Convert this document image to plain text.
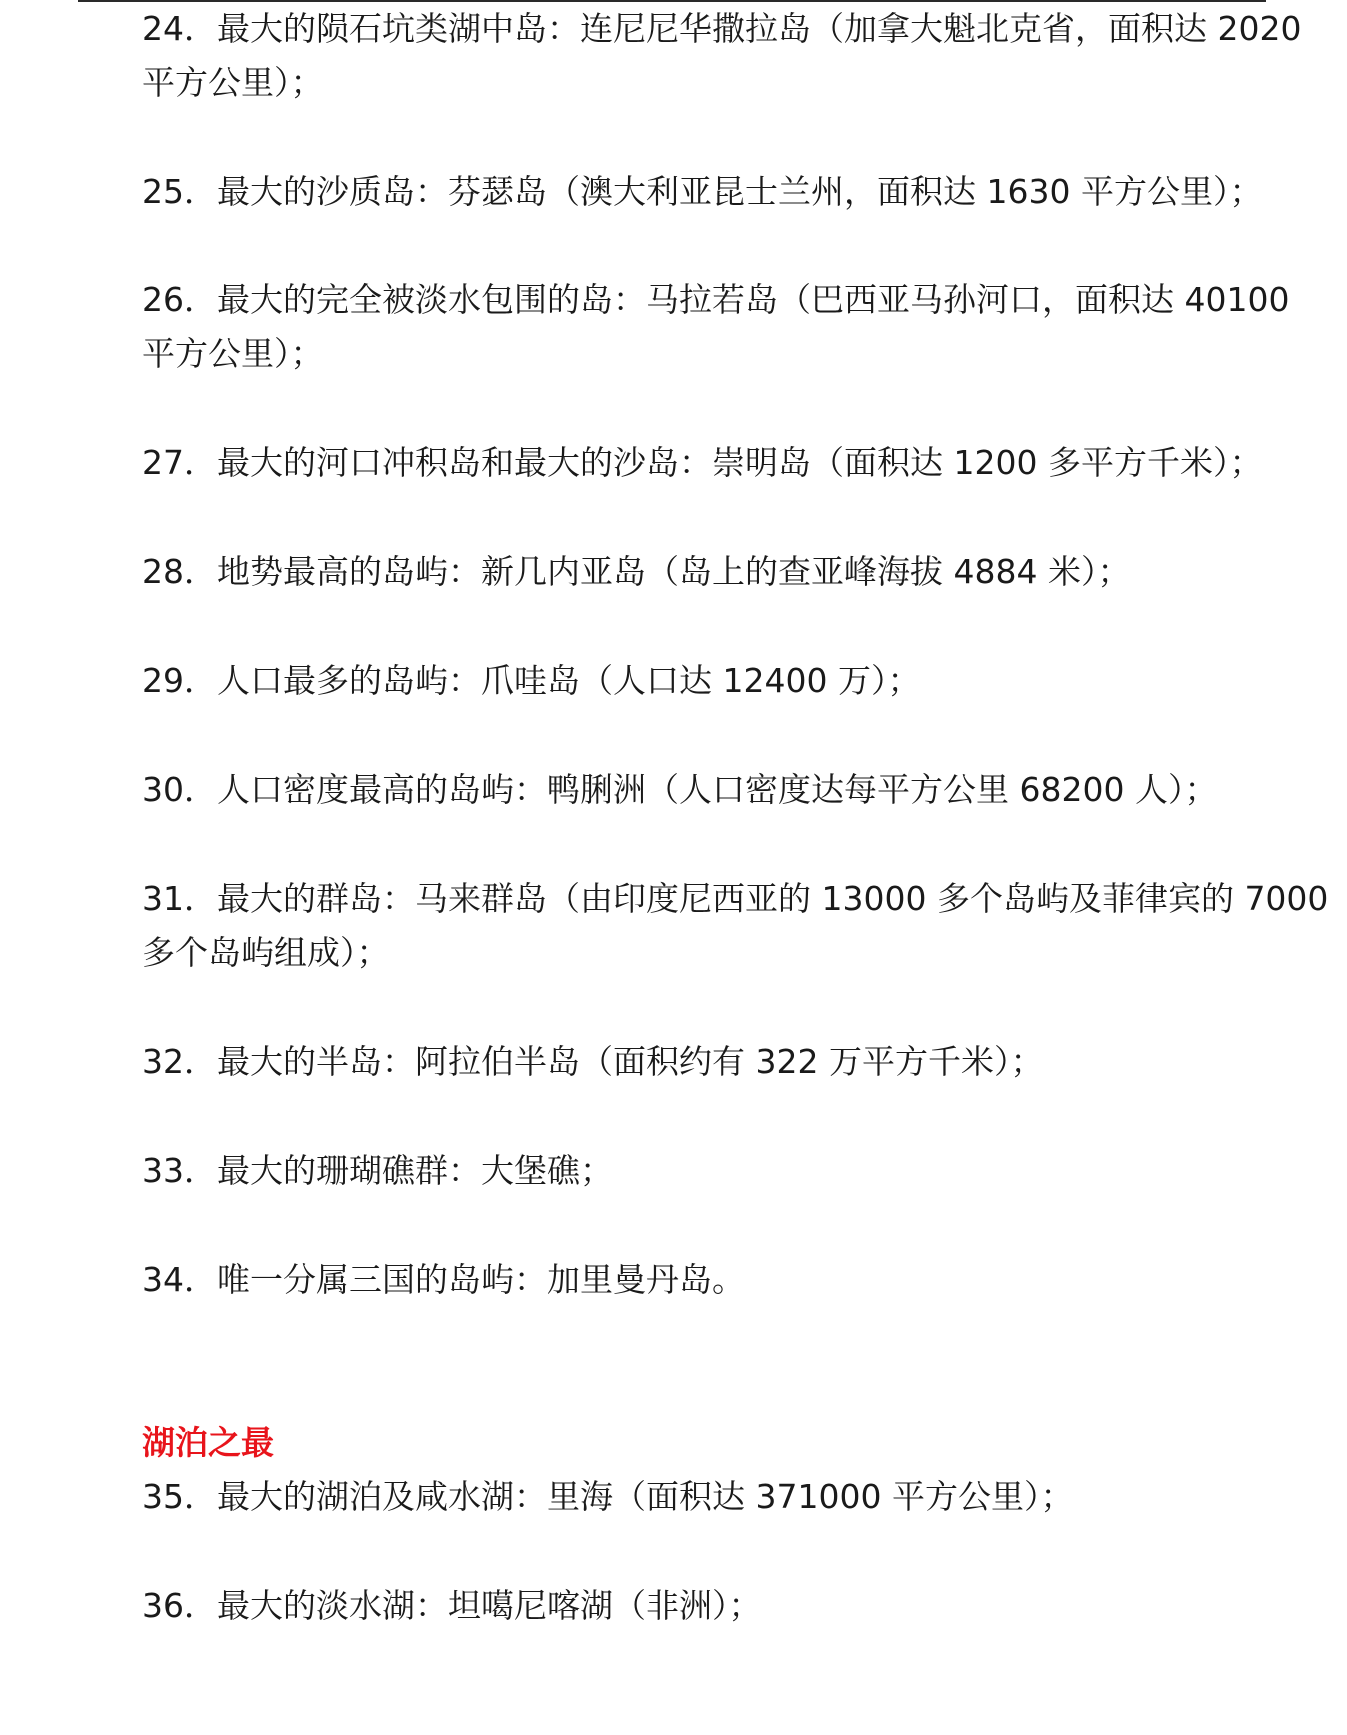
24．最大的陨石坑类湖中岛：连尼尼华撒拉岛（加拿大魁北克省，面积达 2020
平方公里）；
25．最大的沙质岛：芬瑟岛（澳大利亚昆士兰州，面积达 1630 平方公里）；
26．最大的完全被淡水包围的岛：马拉若岛（巴西亚马孙河口，面积达 40100
平方公里）；
27．最大的河口冲积岛和最大的沙岛：崇明岛（面积达 1200 多平方千米）；
28．地势最高的岛屿：新几内亚岛（岛上的查亚峰海拔 4884 米）；
29．人口最多的岛屿：爪哇岛（人口达 12400 万）；
30．人口密度最高的岛屿：鸭脷洲（人口密度达每平方公里 68200 人）；
31．最大的群岛：马来群岛（由印度尼西亚的 13000 多个岛屿及菲律宾的 7000
多个岛屿组成）；
32．最大的半岛：阿拉伯半岛（面积约有 322 万平方千米）；
33．最大的珊瑚礁群：大堡礁；
34．唯一分属三国的岛屿：加里曼丹岛。
湖泊之最
35．最大的湖泊及咸水湖：里海（面积达 371000 平方公里）；
36．最大的淡水湖：坦噶尼喀湖（非洲）；
